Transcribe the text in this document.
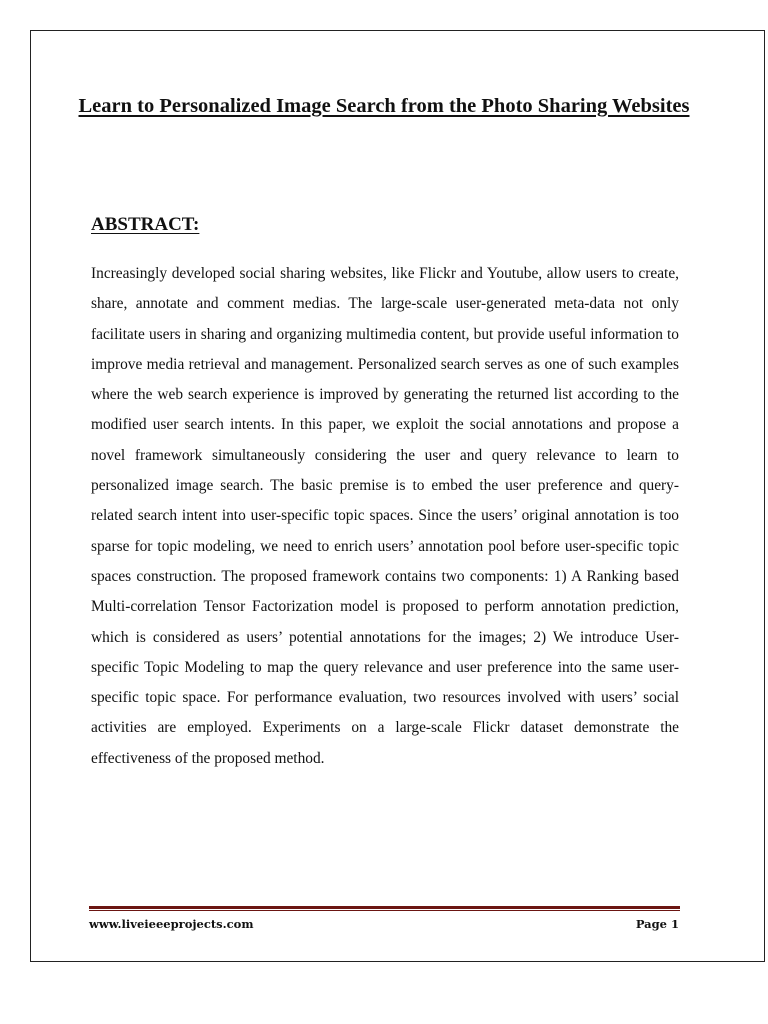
Learn to Personalized Image Search from the Photo Sharing Websites
ABSTRACT:

Increasingly developed social sharing websites, like Flickr and Youtube, allow users to create, share, annotate and comment medias. The large-scale user-generated meta-data not only facilitate users in sharing and organizing multimedia content, but provide useful information to improve media retrieval and management. Personalized search serves as one of such examples where the web search experience is improved by generating the returned list according to the modified user search intents. In this paper, we exploit the social annotations and propose a novel framework simultaneously considering the user and query relevance to learn to personalized image search. The basic premise is to embed the user preference and query-related search intent into user-specific topic spaces. Since the users’ original annotation is too sparse for topic modeling, we need to enrich users’ annotation pool before user-specific topic spaces construction. The proposed framework contains two components: 1) A Ranking based Multi-correlation Tensor Factorization model is proposed to perform annotation prediction, which is considered as users’ potential annotations for the images; 2) We introduce User-specific Topic Modeling to map the query relevance and user preference into the same user-specific topic space. For performance evaluation, two resources involved with users’ social activities are employed. Experiments on a large-scale Flickr dataset demonstrate the effectiveness of the proposed method.

www.liveieeeprojects.com	Page 1
